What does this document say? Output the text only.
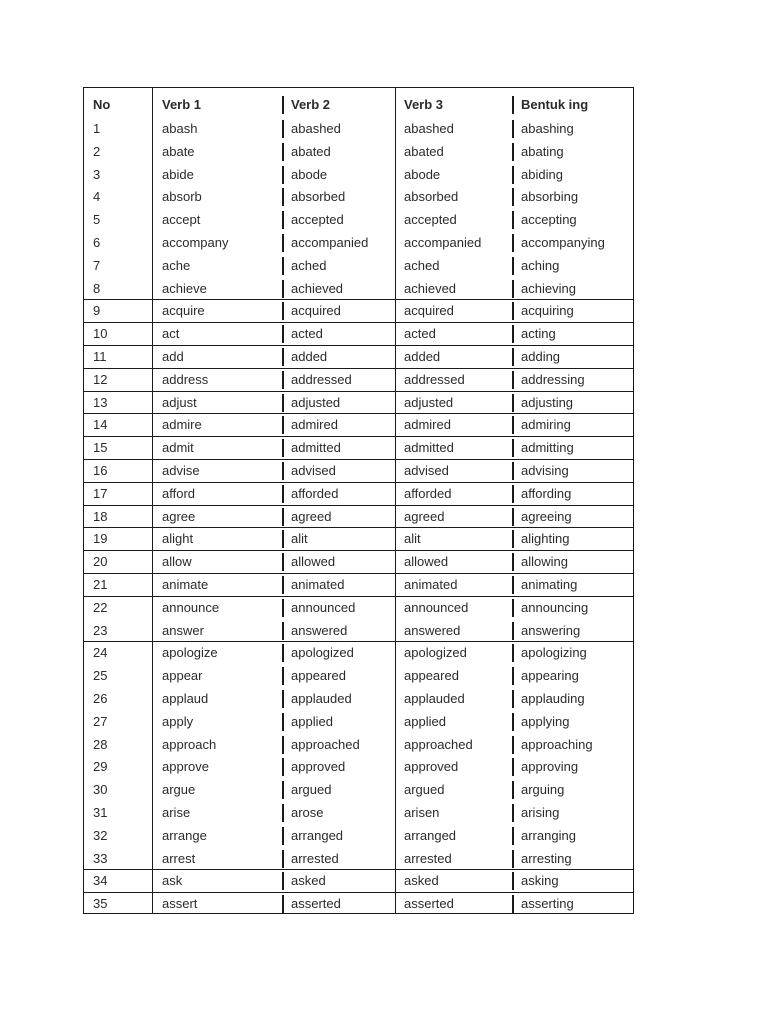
No	Verb 1	Verb 2	Verb 3	Bentuk ing
1	abash	abashed	abashed	abashing
2	abate	abated	abated	abating
3	abide	abode	abode	abiding
4	absorb	absorbed	absorbed	absorbing
5	accept	accepted	accepted	accepting
6	accompany	accompanied	accompanied	accompanying
7	ache	ached	ached	aching
8	achieve	achieved	achieved	achieving
9	acquire	acquired	acquired	acquiring
10	act	acted	acted	acting
11	add	added	added	adding
12	address	addressed	addressed	addressing
13	adjust	adjusted	adjusted	adjusting
14	admire	admired	admired	admiring
15	admit	admitted	admitted	admitting
16	advise	advised	advised	advising
17	afford	afforded	afforded	affording
18	agree	agreed	agreed	agreeing
19	alight	alit	alit	alighting
20	allow	allowed	allowed	allowing
21	animate	animated	animated	animating
22	announce	announced	announced	announcing
23	answer	answered	answered	answering
24	apologize	apologized	apologized	apologizing
25	appear	appeared	appeared	appearing
26	applaud	applauded	applauded	applauding
27	apply	applied	applied	applying
28	approach	approached	approached	approaching
29	approve	approved	approved	approving
30	argue	argued	argued	arguing
31	arise	arose	arisen	arising
32	arrange	arranged	arranged	arranging
33	arrest	arrested	arrested	arresting
34	ask	asked	asked	asking
35	assert	asserted	asserted	asserting
